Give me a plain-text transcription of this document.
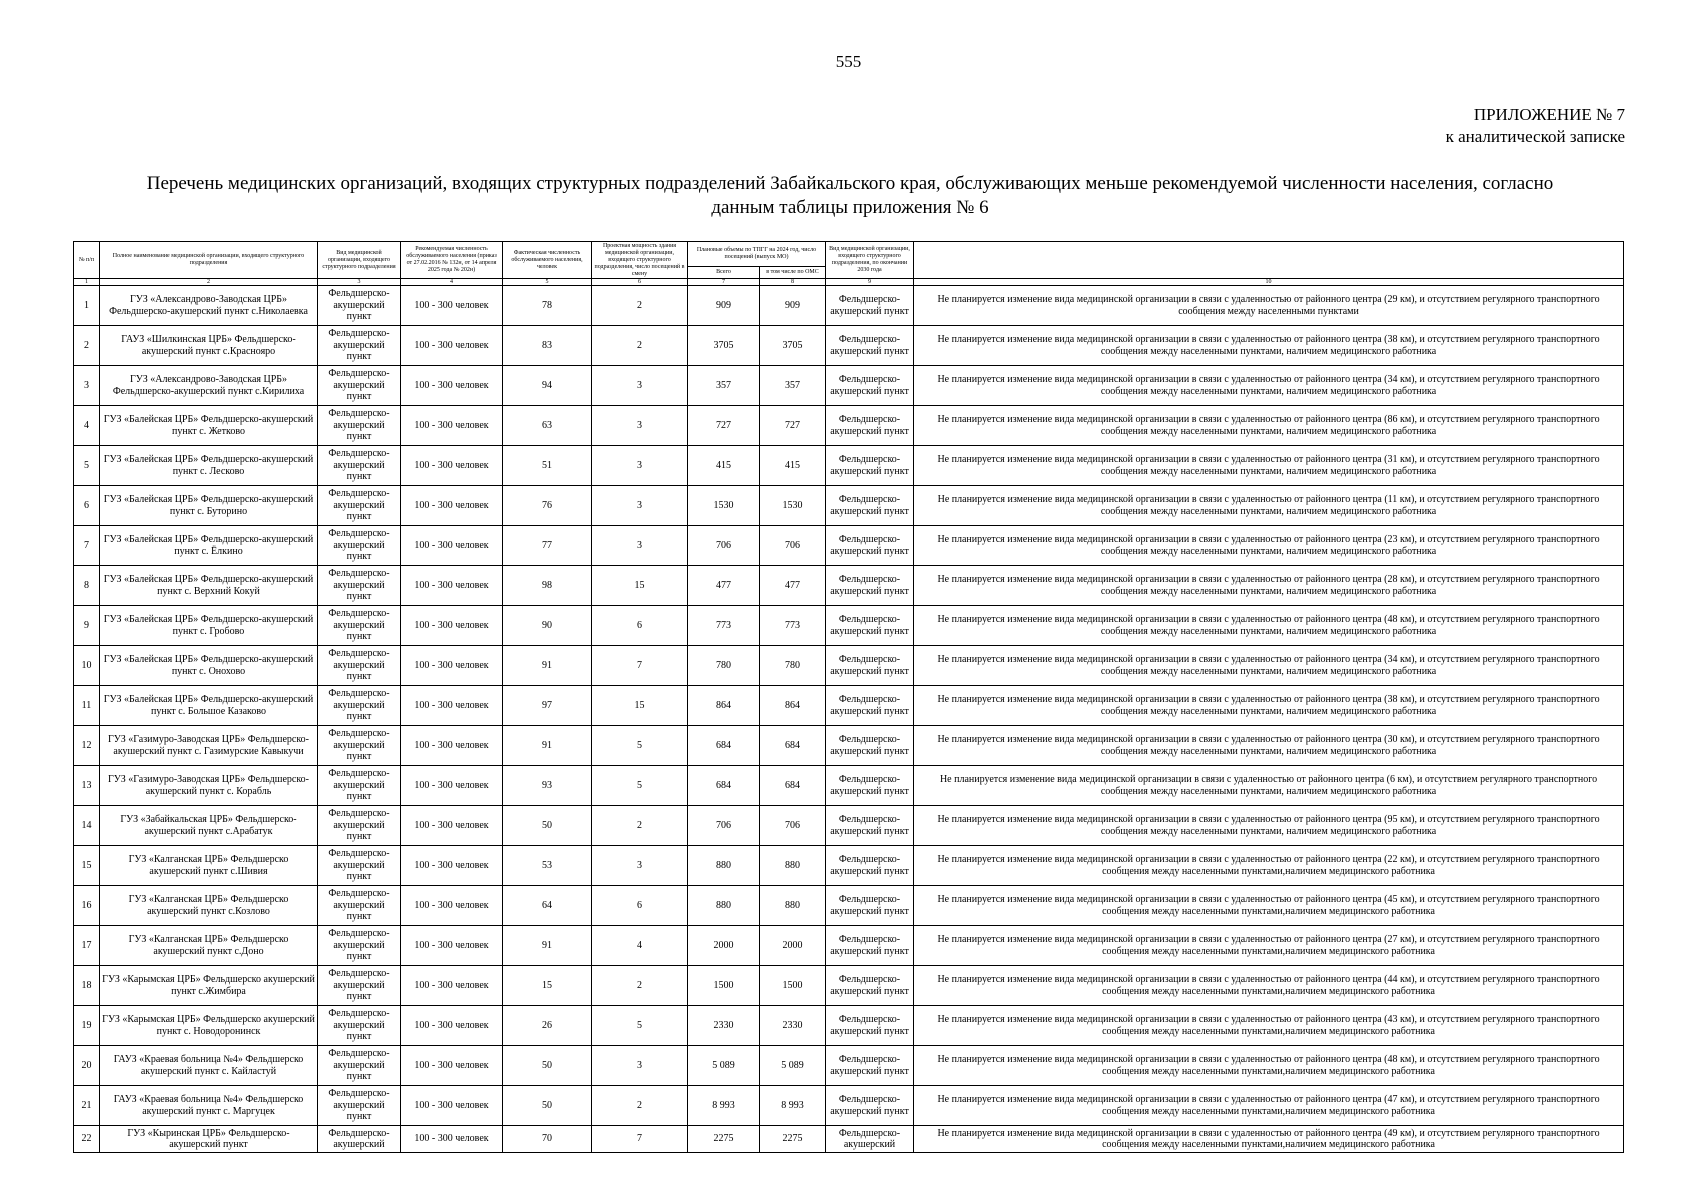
555
ПРИЛОЖЕНИЕ № 7
к аналитической записке
Перечень медицинских организаций, входящих структурных подразделений Забайкальского края, обслуживающих меньше рекомендуемой численности населения, согласно
данным таблицы приложения № 6
№ п/п	Полное наименование медицинской организации, входящего структурного подразделения	Вид медицинской организации, входящего структурного подразделения	Рекомендуемая численность обслуживаемого населения (приказ от 27.02.2016 № 132н, от 14 апреля 2025 года № 202н)	Фактическая численность обслуживаемого населения, человек	Проектная мощность здания медицинской организации, входящего структурного подразделения, число посещений в смену	Плановые объемы по ТПГГ на 2024 год, число посещений (выпуск МО)		Вид медицинской организации, входящего структурного подразделения, по окончании 2030 года	
						Всего	в том числе по ОМС		
1	2	3	4	5	6	7	8	9	10
1	ГУЗ «Александрово-Заводская ЦРБ» Фельдшерско-акушерский пункт с.Николаевка	Фельдшерско-акушерский пункт	100 - 300 человек	78	2	909	909	Фельдшерско-акушерский пункт	Не планируется изменение вида медицинской организации в связи с удаленностью от районного центра (29 км), и отсутствием регулярного транспортного сообщения между населенными пунктами
2	ГАУЗ «Шилкинская ЦРБ» Фельдшерско-акушерский пункт с.Краснояро	Фельдшерско-акушерский пункт	100 - 300 человек	83	2	3705	3705	Фельдшерско-акушерский пункт	Не планируется изменение вида медицинской организации в связи с удаленностью от районного центра (38 км), и отсутствием регулярного транспортного сообщения между населенными пунктами, наличием медицинского работника
3	ГУЗ «Александрово-Заводская ЦРБ» Фельдшерско-акушерский пункт с.Кирилиха	Фельдшерско-акушерский пункт	100 - 300 человек	94	3	357	357	Фельдшерско-акушерский пункт	Не планируется изменение вида медицинской организации в связи с удаленностью от районного центра (34 км), и отсутствием регулярного транспортного сообщения между населенными пунктами, наличием медицинского работника
4	ГУЗ «Балейская ЦРБ» Фельдшерско-акушерский пункт с. Жетково	Фельдшерско-акушерский пункт	100 - 300 человек	63	3	727	727	Фельдшерско-акушерский пункт	Не планируется изменение вида медицинской организации в связи с удаленностью от районного центра (86 км), и отсутствием регулярного транспортного сообщения между населенными пунктами, наличием медицинского работника
5	ГУЗ «Балейская ЦРБ» Фельдшерско-акушерский пункт с. Лесково	Фельдшерско-акушерский пункт	100 - 300 человек	51	3	415	415	Фельдшерско-акушерский пункт	Не планируется изменение вида медицинской организации в связи с удаленностью от районного центра (31 км), и отсутствием регулярного транспортного сообщения между населенными пунктами, наличием медицинского работника
6	ГУЗ «Балейская ЦРБ» Фельдшерско-акушерский пункт с. Буторино	Фельдшерско-акушерский пункт	100 - 300 человек	76	3	1530	1530	Фельдшерско-акушерский пункт	Не планируется изменение вида медицинской организации в связи с удаленностью от районного центра (11 км), и отсутствием регулярного транспортного сообщения между населенными пунктами, наличием медицинского работника
7	ГУЗ «Балейская ЦРБ» Фельдшерско-акушерский пункт с. Ёлкино	Фельдшерско-акушерский пункт	100 - 300 человек	77	3	706	706	Фельдшерско-акушерский пункт	Не планируется изменение вида медицинской организации в связи с удаленностью от районного центра (23 км), и отсутствием регулярного транспортного сообщения между населенными пунктами, наличием медицинского работника
8	ГУЗ «Балейская ЦРБ» Фельдшерско-акушерский пункт с. Верхний Кокуй	Фельдшерско-акушерский пункт	100 - 300 человек	98	15	477	477	Фельдшерско-акушерский пункт	Не планируется изменение вида медицинской организации в связи с удаленностью от районного центра (28 км), и отсутствием регулярного транспортного сообщения между населенными пунктами, наличием медицинского работника
9	ГУЗ «Балейская ЦРБ» Фельдшерско-акушерский пункт с. Гробово	Фельдшерско-акушерский пункт	100 - 300 человек	90	6	773	773	Фельдшерско-акушерский пункт	Не планируется изменение вида медицинской организации в связи с удаленностью от районного центра (48 км), и отсутствием регулярного транспортного сообщения между населенными пунктами, наличием медицинского работника
10	ГУЗ «Балейская ЦРБ» Фельдшерско-акушерский пункт с. Онохово	Фельдшерско-акушерский пункт	100 - 300 человек	91	7	780	780	Фельдшерско-акушерский пункт	Не планируется изменение вида медицинской организации в связи с удаленностью от районного центра (34 км), и отсутствием регулярного транспортного сообщения между населенными пунктами, наличием медицинского работника
11	ГУЗ «Балейская ЦРБ» Фельдшерско-акушерский пункт с. Большое Казаково	Фельдшерско-акушерский пункт	100 - 300 человек	97	15	864	864	Фельдшерско-акушерский пункт	Не планируется изменение вида медицинской организации в связи с удаленностью от районного центра (38 км), и отсутствием регулярного транспортного сообщения между населенными пунктами, наличием медицинского работника
12	ГУЗ «Газимуро-Заводская ЦРБ» Фельдшерско-акушерский пункт с. Газимурские Кавыкучи	Фельдшерско-акушерский пункт	100 - 300 человек	91	5	684	684	Фельдшерско-акушерский пункт	Не планируется изменение вида медицинской организации в связи с удаленностью от районного центра (30 км), и отсутствием регулярного транспортного сообщения между населенными пунктами, наличием медицинского работника
13	ГУЗ «Газимуро-Заводская ЦРБ» Фельдшерско-акушерский пункт с. Корабль	Фельдшерско-акушерский пункт	100 - 300 человек	93	5	684	684	Фельдшерско-акушерский пункт	Не планируется изменение вида медицинской организации в связи с удаленностью от районного центра (6 км), и отсутствием регулярного транспортного сообщения между населенными пунктами, наличием медицинского работника
14	ГУЗ «Забайкальская ЦРБ» Фельдшерско-акушерский пункт с.Арабатук	Фельдшерско-акушерский пункт	100 - 300 человек	50	2	706	706	Фельдшерско-акушерский пункт	Не планируется изменение вида медицинской организации в связи с удаленностью от районного центра (95 км), и отсутствием регулярного транспортного сообщения между населенными пунктами, наличием медицинского работника
15	ГУЗ «Калганская ЦРБ» Фельдшерско акушерский пункт с.Шивия	Фельдшерско-акушерский пункт	100 - 300 человек	53	3	880	880	Фельдшерско-акушерский пункт	Не планируется изменение вида медицинской организации в связи с удаленностью от районного центра (22 км), и отсутствием регулярного транспортного сообщения между населенными пунктами,наличием медицинского работника
16	ГУЗ «Калганская ЦРБ» Фельдшерско акушерский пункт с.Козлово	Фельдшерско-акушерский пункт	100 - 300 человек	64	6	880	880	Фельдшерско-акушерский пункт	Не планируется изменение вида медицинской организации в связи с удаленностью от районного центра (45 км), и отсутствием регулярного транспортного сообщения между населенными пунктами,наличием медицинского работника
17	ГУЗ «Калганская ЦРБ» Фельдшерско акушерский пункт с.Доно	Фельдшерско-акушерский пункт	100 - 300 человек	91	4	2000	2000	Фельдшерско-акушерский пункт	Не планируется изменение вида медицинской организации в связи с удаленностью от районного центра (27 км), и отсутствием регулярного транспортного сообщения между населенными пунктами,наличием медицинского работника
18	ГУЗ «Карымская ЦРБ» Фельдшерско акушерский пункт с.Жимбира	Фельдшерско-акушерский пункт	100 - 300 человек	15	2	1500	1500	Фельдшерско-акушерский пункт	Не планируется изменение вида медицинской организации в связи с удаленностью от районного центра (44 км), и отсутствием регулярного транспортного сообщения между населенными пунктами,наличием медицинского работника
19	ГУЗ «Карымская ЦРБ» Фельдшерско акушерский пункт с. Новодоронинск	Фельдшерско-акушерский пункт	100 - 300 человек	26	5	2330	2330	Фельдшерско-акушерский пункт	Не планируется изменение вида медицинской организации в связи с удаленностью от районного центра (43 км), и отсутствием регулярного транспортного сообщения между населенными пунктами,наличием медицинского работника
20	ГАУЗ «Краевая больница №4» Фельдшерско акушерский пункт с. Кайластуй	Фельдшерско-акушерский пункт	100 - 300 человек	50	3	5 089	5 089	Фельдшерско-акушерский пункт	Не планируется изменение вида медицинской организации в связи с удаленностью от районного центра (48 км), и отсутствием регулярного транспортного сообщения между населенными пунктами,наличием медицинского работника
21	ГАУЗ «Краевая больница №4» Фельдшерско акушерский пункт с. Маргуцек	Фельдшерско-акушерский пункт	100 - 300 человек	50	2	8 993	8 993	Фельдшерско-акушерский пункт	Не планируется изменение вида медицинской организации в связи с удаленностью от районного центра (47 км), и отсутствием регулярного транспортного сообщения между населенными пунктами,наличием медицинского работника
22	ГУЗ «Кыринская ЦРБ» Фельдшерско-акушерский пункт	Фельдшерско-акушерский	100 - 300 человек	70	7	2275	2275	Фельдшерско-акушерский	Не планируется изменение вида медицинской организации в связи с удаленностью от районного центра (49 км), и отсутствием регулярного транспортного сообщения между населенными пунктами,наличием медицинского работника
